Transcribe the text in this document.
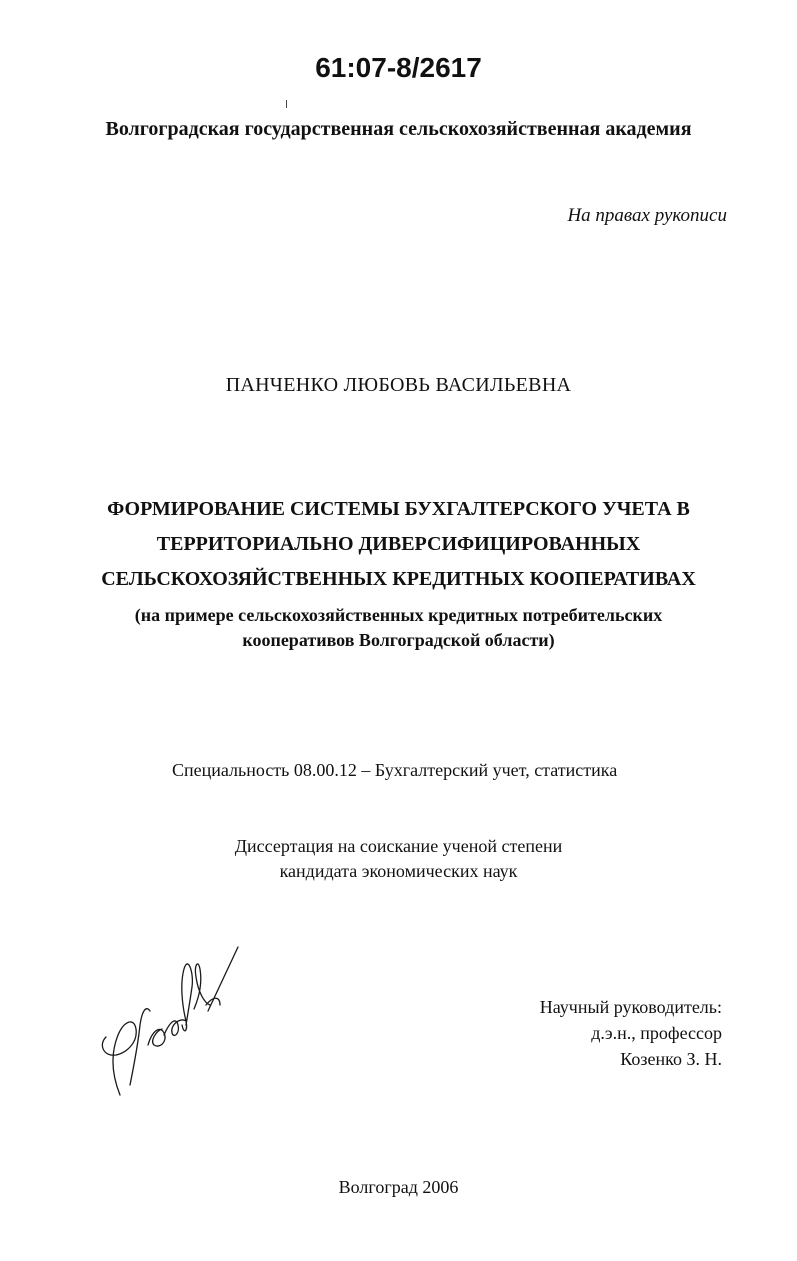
61:07-8/2617
Волгоградская государственная сельскохозяйственная академия
На правах рукописи
ПАНЧЕНКО ЛЮБОВЬ ВАСИЛЬЕВНА
ФОРМИРОВАНИЕ СИСТЕМЫ БУХГАЛТЕРСКОГО УЧЕТА В
ТЕРРИТОРИАЛЬНО ДИВЕРСИФИЦИРОВАННЫХ
СЕЛЬСКОХОЗЯЙСТВЕННЫХ КРЕДИТНЫХ КООПЕРАТИВАХ
(на примере сельскохозяйственных кредитных потребительских
кооперативов Волгоградской области)
Специальность 08.00.12 – Бухгалтерский учет, статистика
Диссертация на соискание ученой степени
кандидата экономических наук
Научный руководитель:
д.э.н., профессор
Козенко З. Н.
Волгоград 2006
